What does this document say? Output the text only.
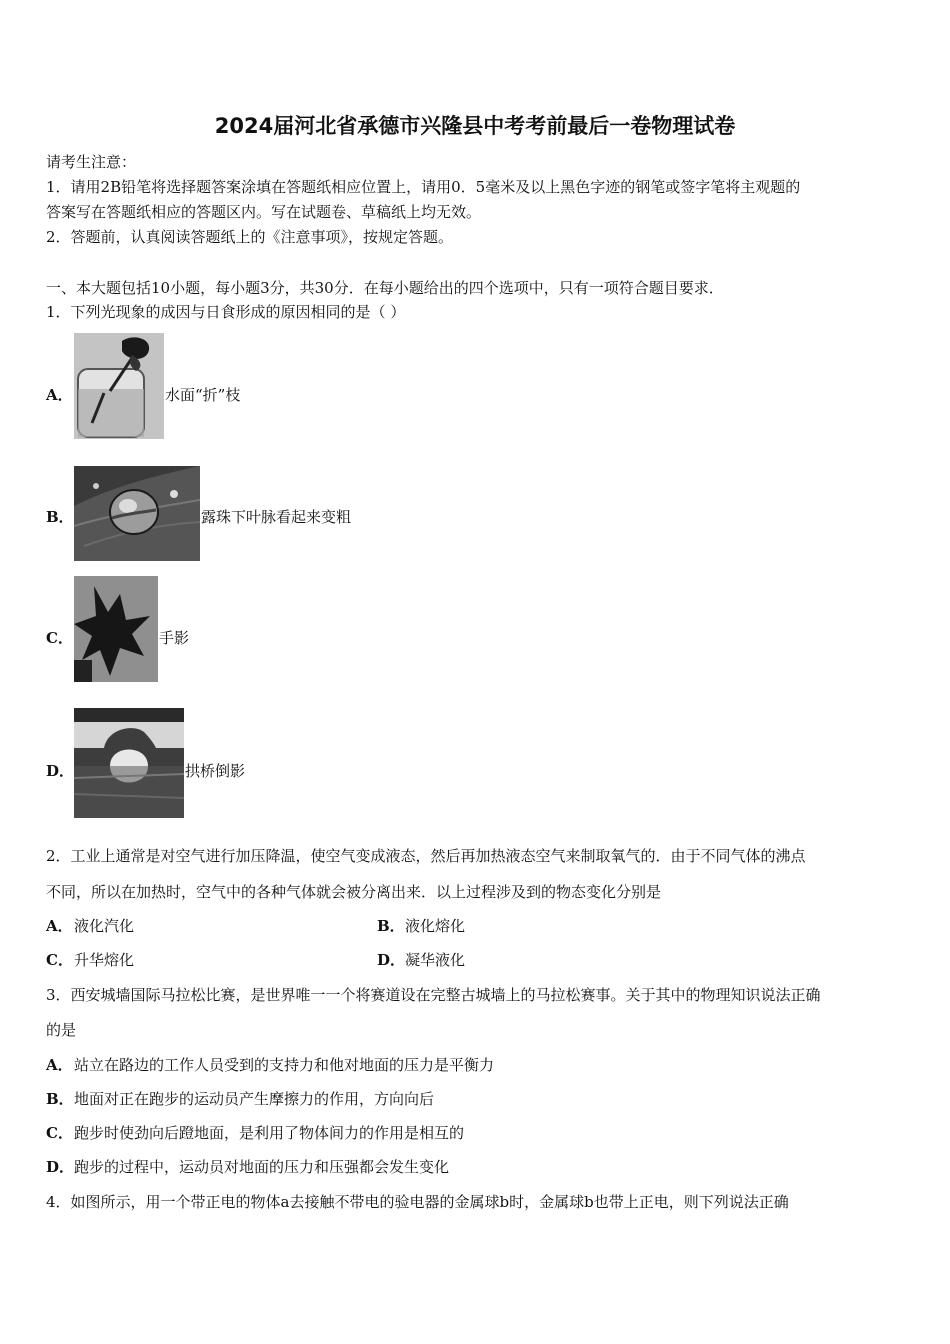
2024届河北省承德市兴隆县中考考前最后一卷物理试卷
请考生注意：
1．请用2B铅笔将选择题答案涂填在答题纸相应位置上，请用0．5毫米及以上黑色字迹的钢笔或签字笔将主观题的
答案写在答题纸相应的答题区内。写在试题卷、草稿纸上均无效。
2．答题前，认真阅读答题纸上的《注意事项》，按规定答题。
一、本大题包括10小题，每小题3分，共30分．在每小题给出的四个选项中，只有一项符合题目要求．
1．下列光现象的成因与日食形成的原因相同的是（ ）
A．	水面“折”枝
B．	露珠下叶脉看起来变粗
C．	手影
D．	拱桥倒影
2．工业上通常是对空气进行加压降温，使空气变成液态，然后再加热液态空气来制取氧气的．由于不同气体的沸点
不同，所以在加热时，空气中的各种气体就会被分离出来．以上过程涉及到的物态变化分别是
A． 液化汽化	B． 液化熔化
C． 升华熔化	D． 凝华液化
3．西安城墙国际马拉松比赛，是世界唯一一个将赛道设在完整古城墙上的马拉松赛事。关于其中的物理知识说法正确
的是
A． 站立在路边的工作人员受到的支持力和他对地面的压力是平衡力
B． 地面对正在跑步的运动员产生摩擦力的作用，方向向后
C． 跑步时使劲向后蹬地面，是利用了物体间力的作用是相互的
D． 跑步的过程中，运动员对地面的压力和压强都会发生变化
4．如图所示，用一个带正电的物体a去接触不带电的验电器的金属球b时，金属球b也带上正电，则下列说法正确
